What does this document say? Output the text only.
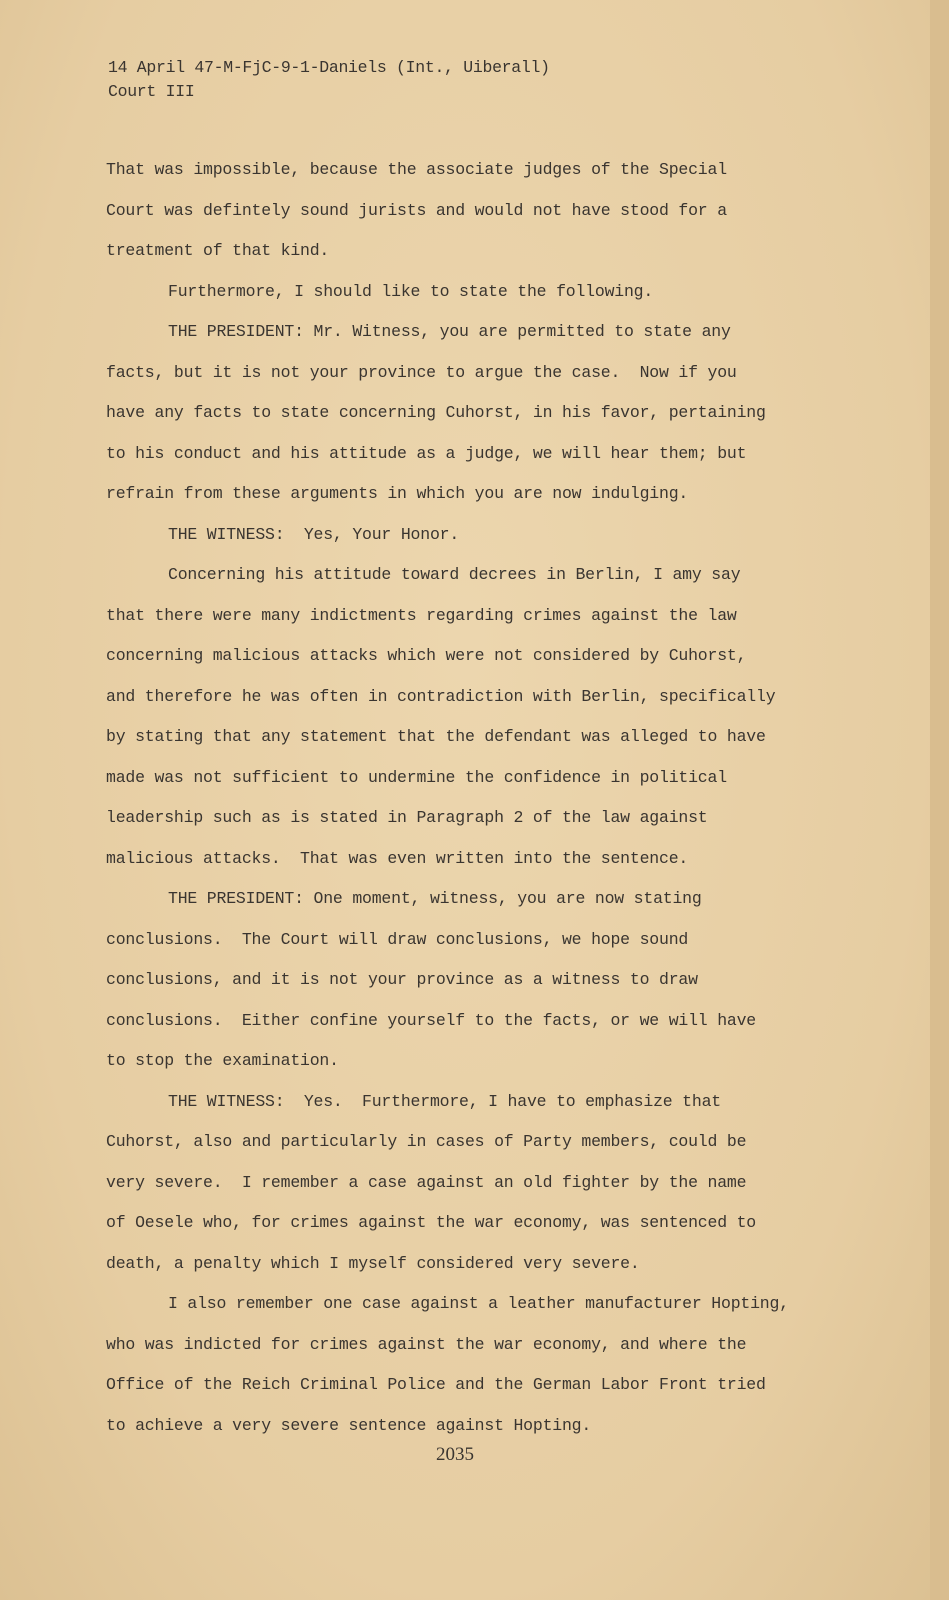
14 April 47-M-FjC-9-1-Daniels (Int., Uiberall)
Court III
That was impossible, because the associate judges of the Special
Court was defintely sound jurists and would not have stood for a
treatment of that kind.
Furthermore, I should like to state the following.
THE PRESIDENT: Mr. Witness, you are permitted to state any
facts, but it is not your province to argue the case.  Now if you
have any facts to state concerning Cuhorst, in his favor, pertaining
to his conduct and his attitude as a judge, we will hear them; but
refrain from these arguments in which you are now indulging.
THE WITNESS:  Yes, Your Honor.
Concerning his attitude toward decrees in Berlin, I amy say
that there were many indictments regarding crimes against the law
concerning malicious attacks which were not considered by Cuhorst,
and therefore he was often in contradiction with Berlin, specifically
by stating that any statement that the defendant was alleged to have
made was not sufficient to undermine the confidence in political
leadership such as is stated in Paragraph 2 of the law against
malicious attacks.  That was even written into the sentence.
THE PRESIDENT: One moment, witness, you are now stating
conclusions.  The Court will draw conclusions, we hope sound
conclusions, and it is not your province as a witness to draw
conclusions.  Either confine yourself to the facts, or we will have
to stop the examination.
THE WITNESS:  Yes.  Furthermore, I have to emphasize that
Cuhorst, also and particularly in cases of Party members, could be
very severe.  I remember a case against an old fighter by the name
of Oesele who, for crimes against the war economy, was sentenced to
death, a penalty which I myself considered very severe.
I also remember one case against a leather manufacturer Hopting,
who was indicted for crimes against the war economy, and where the
Office of the Reich Criminal Police and the German Labor Front tried
to achieve a very severe sentence against Hopting.
2035
